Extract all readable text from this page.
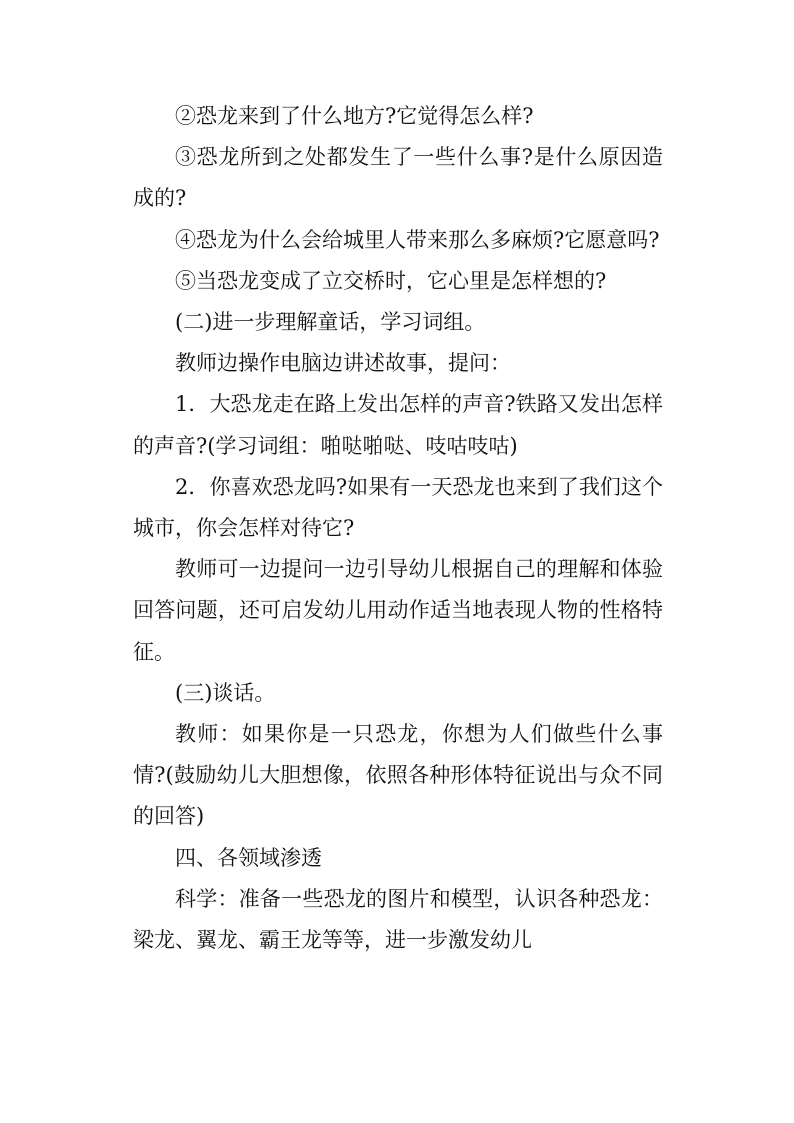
②恐龙来到了什么地方?它觉得怎么样?

③恐龙所到之处都发生了一些什么事?是什么原因造成的?

④恐龙为什么会给城里人带来那么多麻烦?它愿意吗?

⑤当恐龙变成了立交桥时，它心里是怎样想的?

(二)进一步理解童话，学习词组。

教师边操作电脑边讲述故事，提问：

1．大恐龙走在路上发出怎样的声音?铁路又发出怎样的声音?(学习词组：啪哒啪哒、吱咕吱咕)

2．你喜欢恐龙吗?如果有一天恐龙也来到了我们这个城市，你会怎样对待它?

教师可一边提问一边引导幼儿根据自己的理解和体验回答问题，还可启发幼儿用动作适当地表现人物的性格特征。

(三)谈话。

教师：如果你是一只恐龙，你想为人们做些什么事情?(鼓励幼儿大胆想像，依照各种形体特征说出与众不同的回答)

四、各领域渗透

科学：准备一些恐龙的图片和模型，认识各种恐龙：梁龙、翼龙、霸王龙等等，进一步激发幼儿
